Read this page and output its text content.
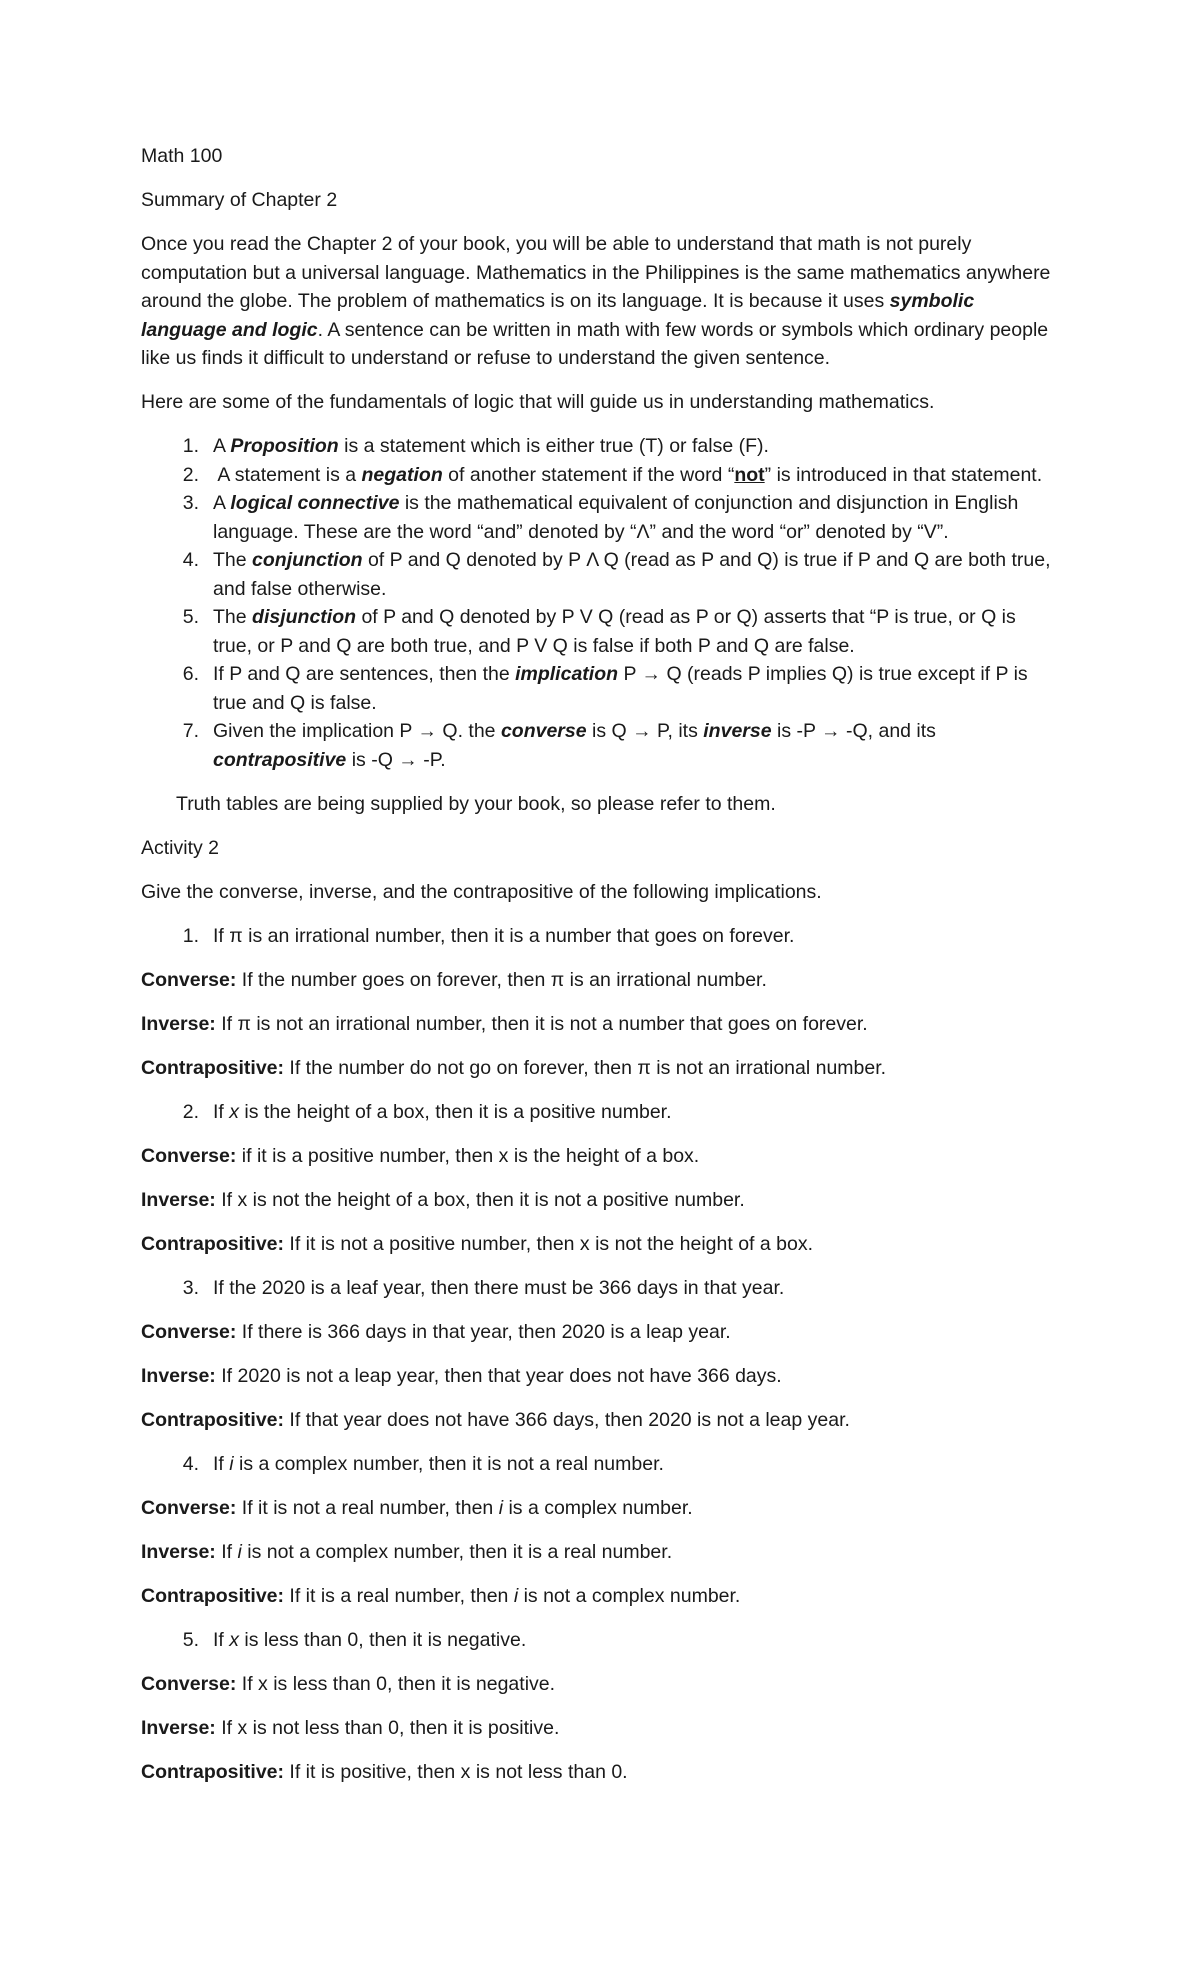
Math 100

Summary of Chapter 2

Once you read the Chapter 2 of your book, you will be able to understand that math is not purely computation but a universal language. Mathematics in the Philippines is the same mathematics anywhere around the globe. The problem of mathematics is on its language. It is because it uses symbolic language and logic. A sentence can be written in math with few words or symbols which ordinary people like us finds it difficult to understand or refuse to understand the given sentence.

Here are some of the fundamentals of logic that will guide us in understanding mathematics.

1. A Proposition is a statement which is either true (T) or false (F).
2. A statement is a negation of another statement if the word “not” is introduced in that statement.
3. A logical connective is the mathematical equivalent of conjunction and disjunction in English language. These are the word “and” denoted by “Λ” and the word “or” denoted by “V”.
4. The conjunction of P and Q denoted by P Λ Q (read as P and Q) is true if P and Q are both true, and false otherwise.
5. The disjunction of P and Q denoted by P V Q (read as P or Q) asserts that “P is true, or Q is true, or P and Q are both true, and P V Q is false if both P and Q are false.
6. If P and Q are sentences, then the implication P → Q (reads P implies Q) is true except if P is true and Q is false.
7. Given the implication P → Q. the converse is Q → P, its inverse is -P → -Q, and its contrapositive is -Q → -P.

Truth tables are being supplied by your book, so please refer to them.

Activity 2

Give the converse, inverse, and the contrapositive of the following implications.

1. If π is an irrational number, then it is a number that goes on forever.

Converse: If the number goes on forever, then π is an irrational number.

Inverse: If π is not an irrational number, then it is not a number that goes on forever.

Contrapositive: If the number do not go on forever, then π is not an irrational number.

2. If x is the height of a box, then it is a positive number.

Converse: if it is a positive number, then x is the height of a box.

Inverse: If x is not the height of a box, then it is not a positive number.

Contrapositive: If it is not a positive number, then x is not the height of a box.

3. If the 2020 is a leaf year, then there must be 366 days in that year.

Converse: If there is 366 days in that year, then 2020 is a leap year.

Inverse: If 2020 is not a leap year, then that year does not have 366 days.

Contrapositive: If that year does not have 366 days, then 2020 is not a leap year.

4. If i is a complex number, then it is not a real number.

Converse: If it is not a real number, then i is a complex number.

Inverse: If i is not a complex number, then it is a real number.

Contrapositive: If it is a real number, then i is not a complex number.

5. If x is less than 0, then it is negative.

Converse: If x is less than 0, then it is negative.

Inverse: If x is not less than 0, then it is positive.

Contrapositive: If it is positive, then x is not less than 0.
